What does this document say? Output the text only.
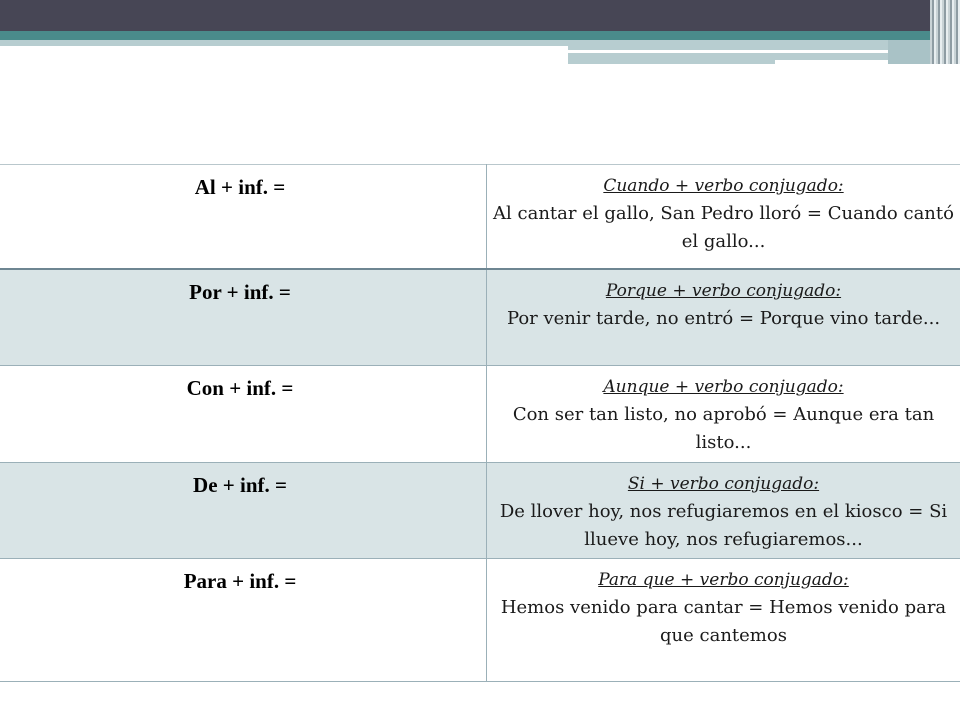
Al + inf. =	Cuando + verbo conjugado:
Al cantar el gallo, San Pedro lloró = Cuando cantó el gallo...

Por + inf. =	Porque + verbo conjugado:
Por venir tarde, no entró = Porque vino tarde...

Con + inf. =	Aunque + verbo conjugado:
Con ser tan listo, no aprobó = Aunque era tan listo...

De + inf. =	Si + verbo conjugado:
De llover hoy, nos refugiaremos en el kiosco = Si llueve hoy, nos refugiaremos...

Para + inf. =	Para que + verbo conjugado:
Hemos venido para cantar = Hemos venido para que cantemos
